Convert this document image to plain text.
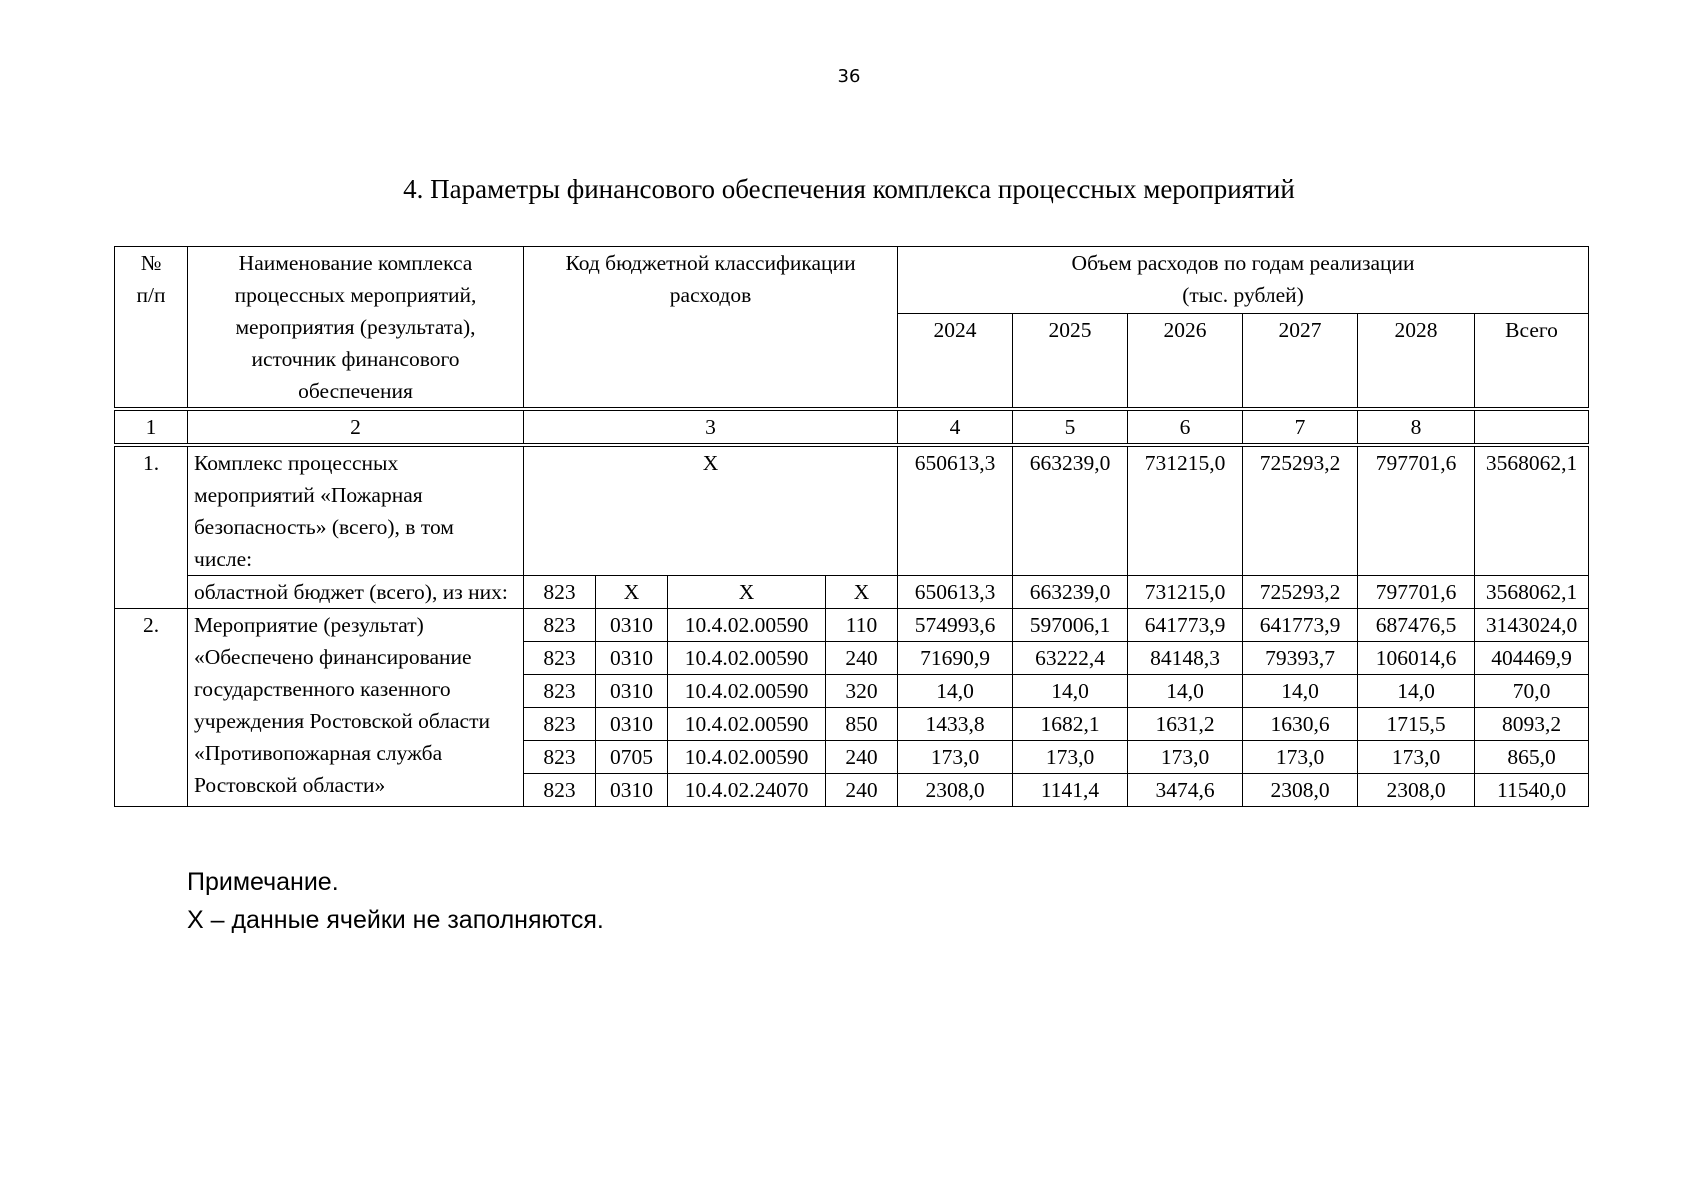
36
4. Параметры финансового обеспечения комплекса процессных мероприятий
№ п/п	Наименование комплекса процессных мероприятий, мероприятия (результата), источник финансового обеспечения	Код бюджетной классификации расходов				Объем расходов по годам реализации (тыс. рублей)					
						2024	2025	2026	2027	2028	Всего
1	2	3				4	5	6	7	8	
1.	Комплекс процессных мероприятий «Пожарная безопасность» (всего), в том числе:	X				650613,3	663239,0	731215,0	725293,2	797701,6	3568062,1
	областной бюджет (всего), из них:	823	X	X	X	650613,3	663239,0	731215,0	725293,2	797701,6	3568062,1
2.	Мероприятие (результат) «Обеспечено финансирование государственного казенного учреждения Ростовской области «Противопожарная служба Ростовской области»	823	0310	10.4.02.00590	110	574993,6	597006,1	641773,9	641773,9	687476,5	3143024,0
		823	0310	10.4.02.00590	240	71690,9	63222,4	84148,3	79393,7	106014,6	404469,9
		823	0310	10.4.02.00590	320	14,0	14,0	14,0	14,0	14,0	70,0
		823	0310	10.4.02.00590	850	1433,8	1682,1	1631,2	1630,6	1715,5	8093,2
		823	0705	10.4.02.00590	240	173,0	173,0	173,0	173,0	173,0	865,0
		823	0310	10.4.02.24070	240	2308,0	1141,4	3474,6	2308,0	2308,0	11540,0
Примечание.
X – данные ячейки не заполняются.
